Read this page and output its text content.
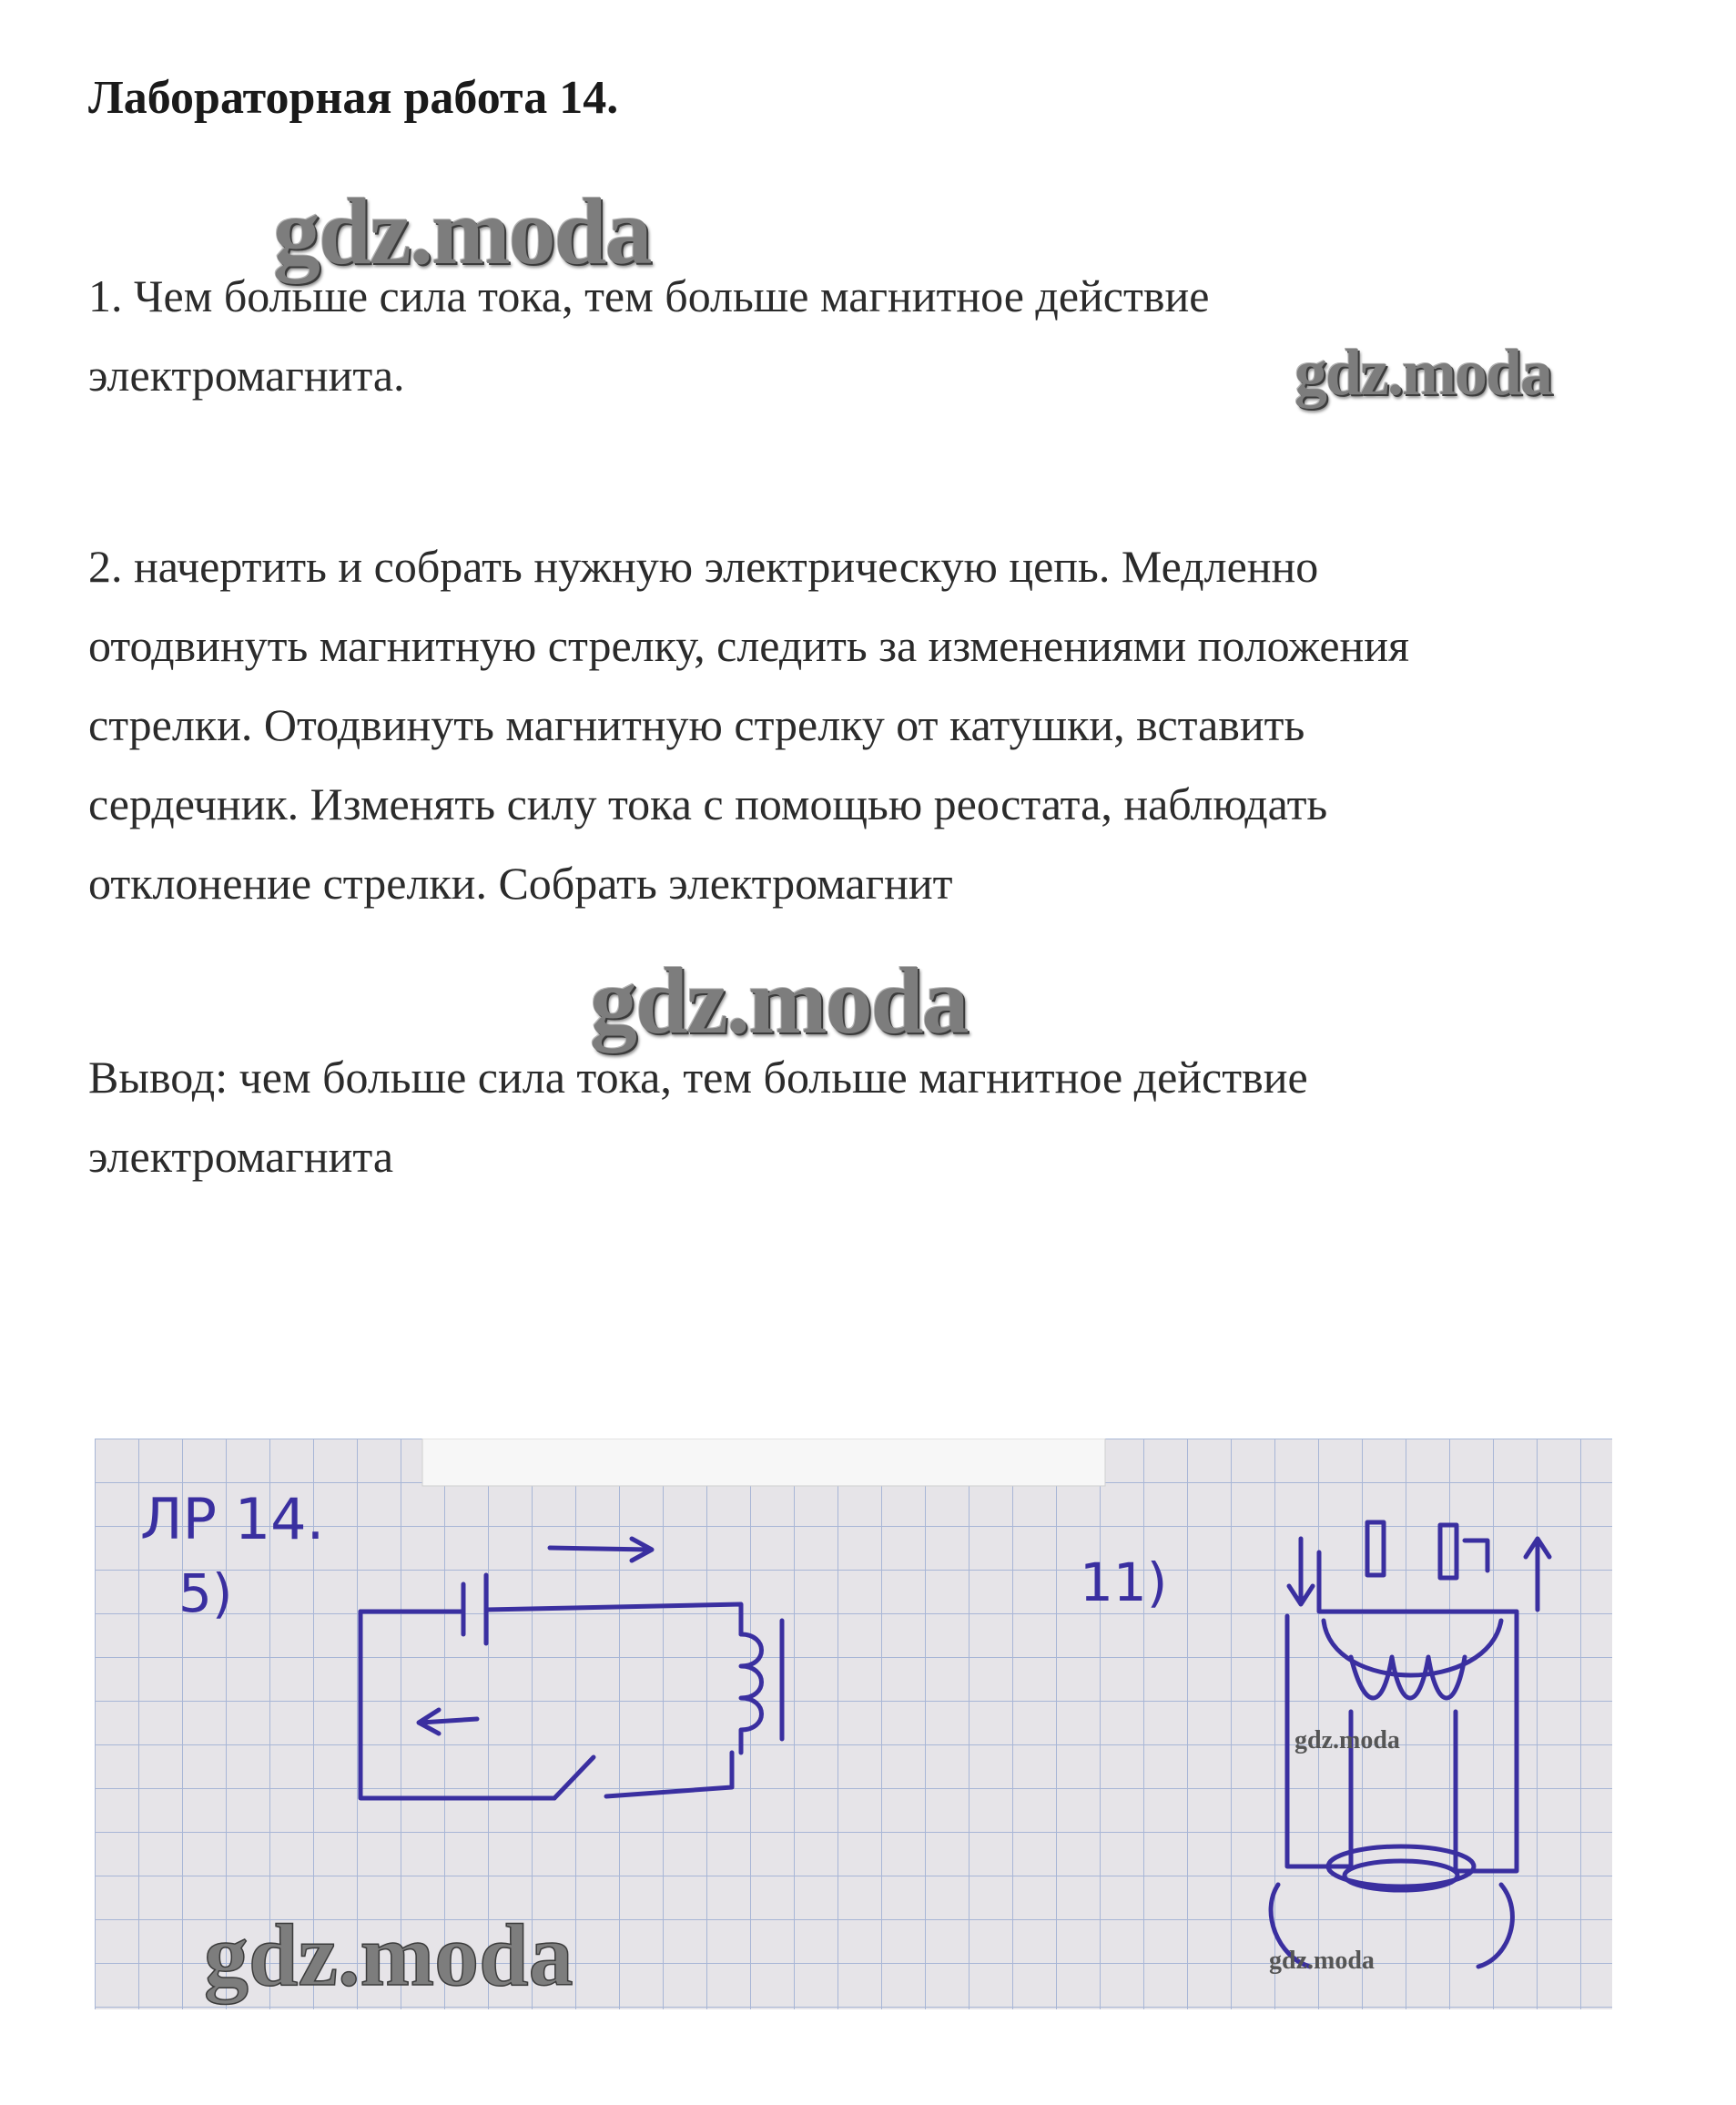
Лабораторная работа 14.
gdz.moda
1. Чем больше сила тока, тем больше магнитное действие
электромагнита.	gdz.moda
2. начертить и собрать нужную электрическую цепь. Медленно
отодвинуть магнитную стрелку, следить за изменениями положения
стрелки. Отодвинуть магнитную стрелку от катушки, вставить
сердечник. Изменять силу тока с помощью реостата, наблюдать
отклонение стрелки. Собрать электромагнит
gdz.moda
Вывод: чем больше сила тока, тем больше магнитное действие
электромагнита
ЛР 14.
5)	11)
gdz.moda
gdz.moda
gdz.moda
